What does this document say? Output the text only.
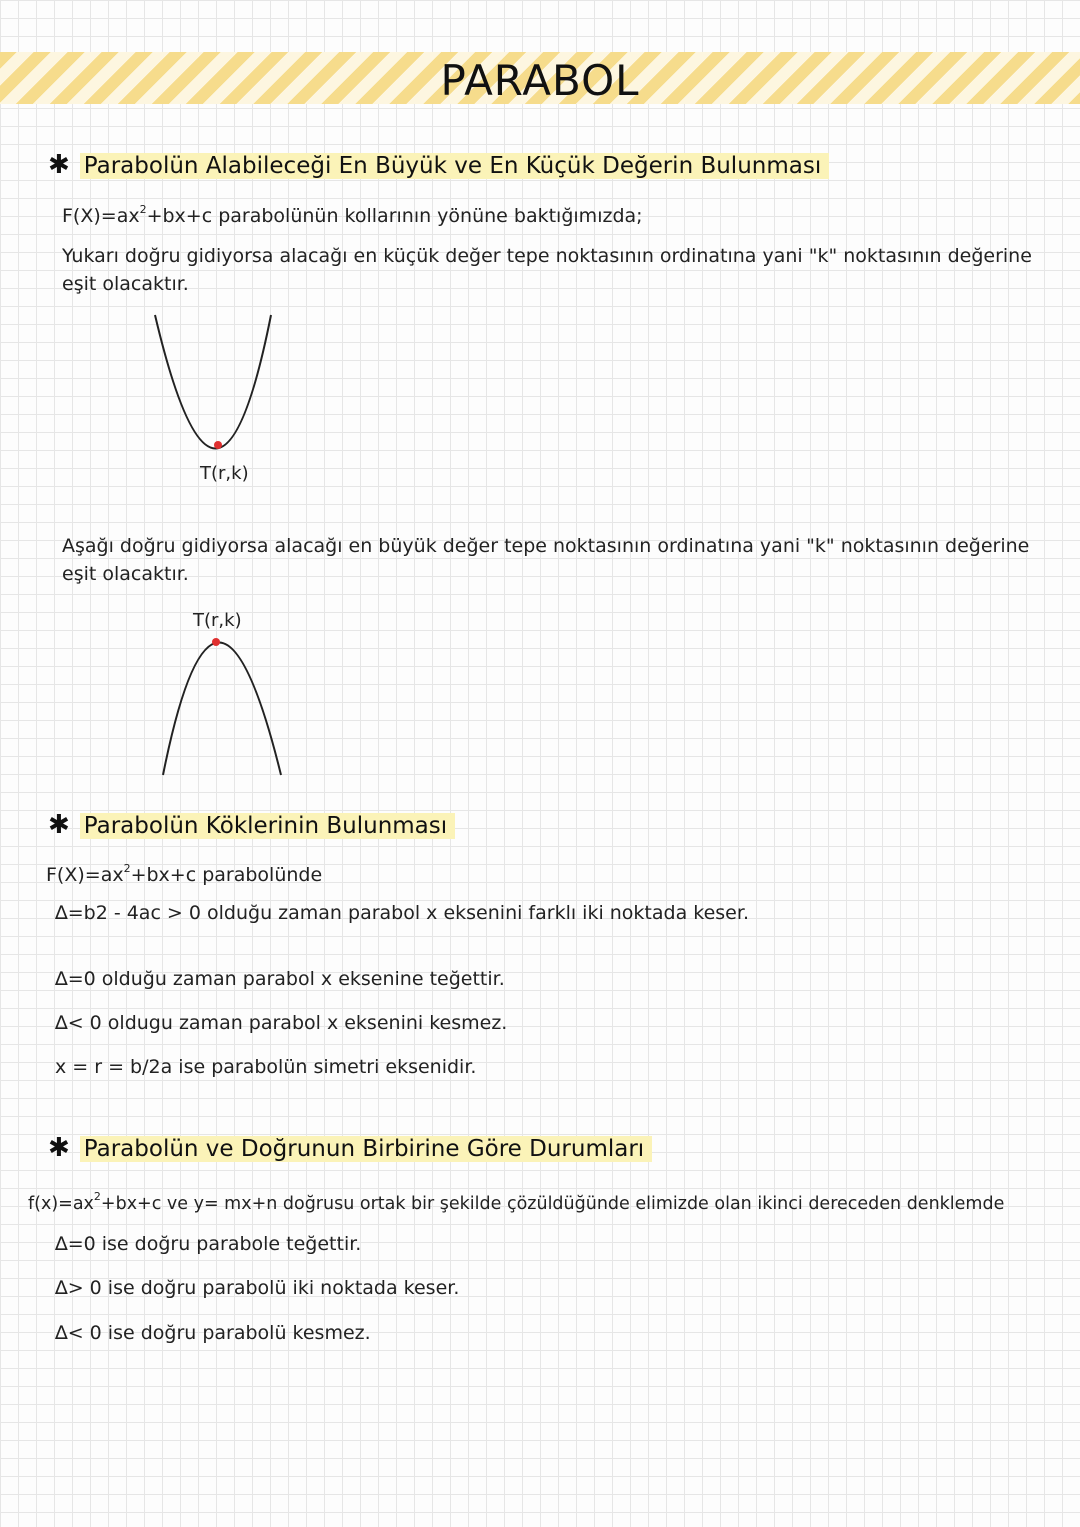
PARABOL
✱ Parabolün Alabileceği En Büyük ve En Küçük Değerin Bulunması
$F(X)=ax^2+bx+c$ parabolünün kollarının yönüne baktığımızda;
Yukarı doğru gidiyorsa alacağı en küçük değer tepe noktasının ordinatına yani "k" noktasının değerine
eşit olacaktır.
T(r,k)
Aşağı doğru gidiyorsa alacağı en büyük değer tepe noktasının ordinatına yani "k" noktasının değerine
eşit olacaktır.
T(r,k)
✱ Parabolün Köklerinin Bulunması
$F(X)=ax^2+bx+c$ parabolünde
∆=b2 - 4ac > 0 olduğu zaman parabol x eksenini farklı iki noktada keser.
∆=0 olduğu zaman parabol x eksenine teğettir.
∆< 0 oldugu zaman parabol x eksenini kesmez.
x = r = b/2a ise parabolün simetri eksenidir.
✱ Parabolün ve Doğrunun Birbirine Göre Durumları
$f(x)=ax^2+bx+c$ ve y= mx+n doğrusu ortak bir şekilde çözüldüğünde elimizde olan ikinci dereceden denklemde
∆=0 ise doğru parabole teğettir.
∆> 0 ise doğru parabolü iki noktada keser.
∆< 0 ise doğru parabolü kesmez.
